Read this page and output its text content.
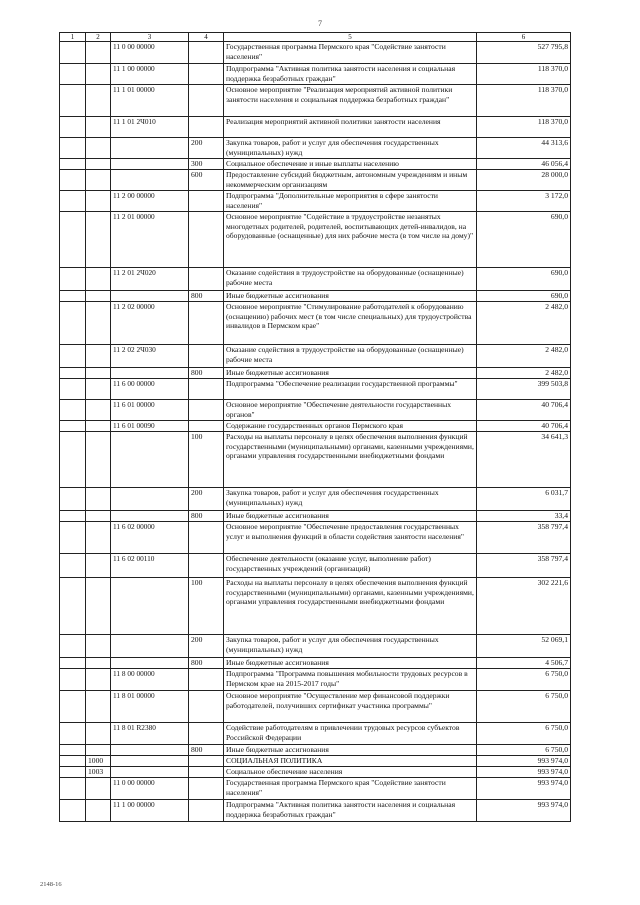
7
1	2	3	4	5	6
		11 0 00 00000		Государственная программа Пермского края "Содействие занятости населения"	527 795,8
		11 1 00 00000		Подпрограмма "Активная политика занятости населения и социальная поддержка безработных граждан"	118 370,0
		11 1 01 00000		Основное мероприятие "Реализация мероприятий активной политики занятости населения и социальная поддержка безработных граждан"	118 370,0
		11 1 01 2Ч010		Реализация мероприятий активной политики занятости населения	118 370,0
			200	Закупка товаров, работ и услуг для обеспечения государственных (муниципальных) нужд	44 313,6
			300	Социальное обеспечение и иные выплаты населению	46 056,4
			600	Предоставление субсидий бюджетным, автономным учреждениям и иным некоммерческим организациям	28 000,0
		11 2 00 00000		Подпрограмма "Дополнительные мероприятия в сфере занятости населения"	3 172,0
		11 2 01 00000		Основное мероприятие "Содействие в трудоустройстве незанятых многодетных родителей, родителей, воспитывающих детей-инвалидов, на оборудованные (оснащенные) для них рабочие места (в том числе на дому)"	690,0
		11 2 01 2Ч020		Оказание содействия в трудоустройстве на оборудованные (оснащенные) рабочие места	690,0
			800	Иные бюджетные ассигнования	690,0
		11 2 02 00000		Основное мероприятие "Стимулирование работодателей к оборудованию (оснащению) рабочих мест (в том числе специальных) для трудоустройства инвалидов в Пермском крае"	2 482,0
		11 2 02 2Ч030		Оказание содействия в трудоустройстве на оборудованные (оснащенные) рабочие места	2 482,0
			800	Иные бюджетные ассигнования	2 482,0
		11 6 00 00000		Подпрограмма "Обеспечение реализации государственной программы"	399 503,8
		11 6 01 00000		Основное мероприятие "Обеспечение деятельности государственных органов"	40 706,4
		11 6 01 00090		Содержание государственных органов Пермского края	40 706,4
			100	Расходы на выплаты персоналу в целях обеспечения выполнения функций государственными (муниципальными) органами, казенными учреждениями, органами управления государственными внебюджетными фондами	34 641,3
			200	Закупка товаров, работ и услуг для обеспечения государственных (муниципальных) нужд	6 031,7
			800	Иные бюджетные ассигнования	33,4
		11 6 02 00000		Основное мероприятие "Обеспечение предоставления государственных услуг и выполнения функций в области содействия занятости населения"	358 797,4
		11 6 02 00110		Обеспечение деятельности (оказание услуг, выполнение работ) государственных учреждений (организаций)	358 797,4
			100	Расходы на выплаты персоналу в целях обеспечения выполнения функций государственными (муниципальными) органами, казенными учреждениями, органами управления государственными внебюджетными фондами	302 221,6
			200	Закупка товаров, работ и услуг для обеспечения государственных (муниципальных) нужд	52 069,1
			800	Иные бюджетные ассигнования	4 506,7
		11 8 00 00000		Подпрограмма "Программа повышения мобильности трудовых ресурсов в Пермском крае на 2015-2017 годы"	6 750,0
		11 8 01 00000		Основное мероприятие "Осуществление мер финансовой поддержки работодателей, получивших сертификат участника программы"	6 750,0
		11 8 01 R2380		Содействие работодателям в привлечении трудовых ресурсов субъектов Российской Федерации	6 750,0
			800	Иные бюджетные ассигнования	6 750,0
	1000			СОЦИАЛЬНАЯ ПОЛИТИКА	993 974,0
	1003			Социальное обеспечение населения	993 974,0
		11 0 00 00000		Государственная программа Пермского края "Содействие занятости населения"	993 974,0
		11 1 00 00000		Подпрограмма "Активная политика занятости населения и социальная поддержка безработных граждан"	993 974,0
2148-16
